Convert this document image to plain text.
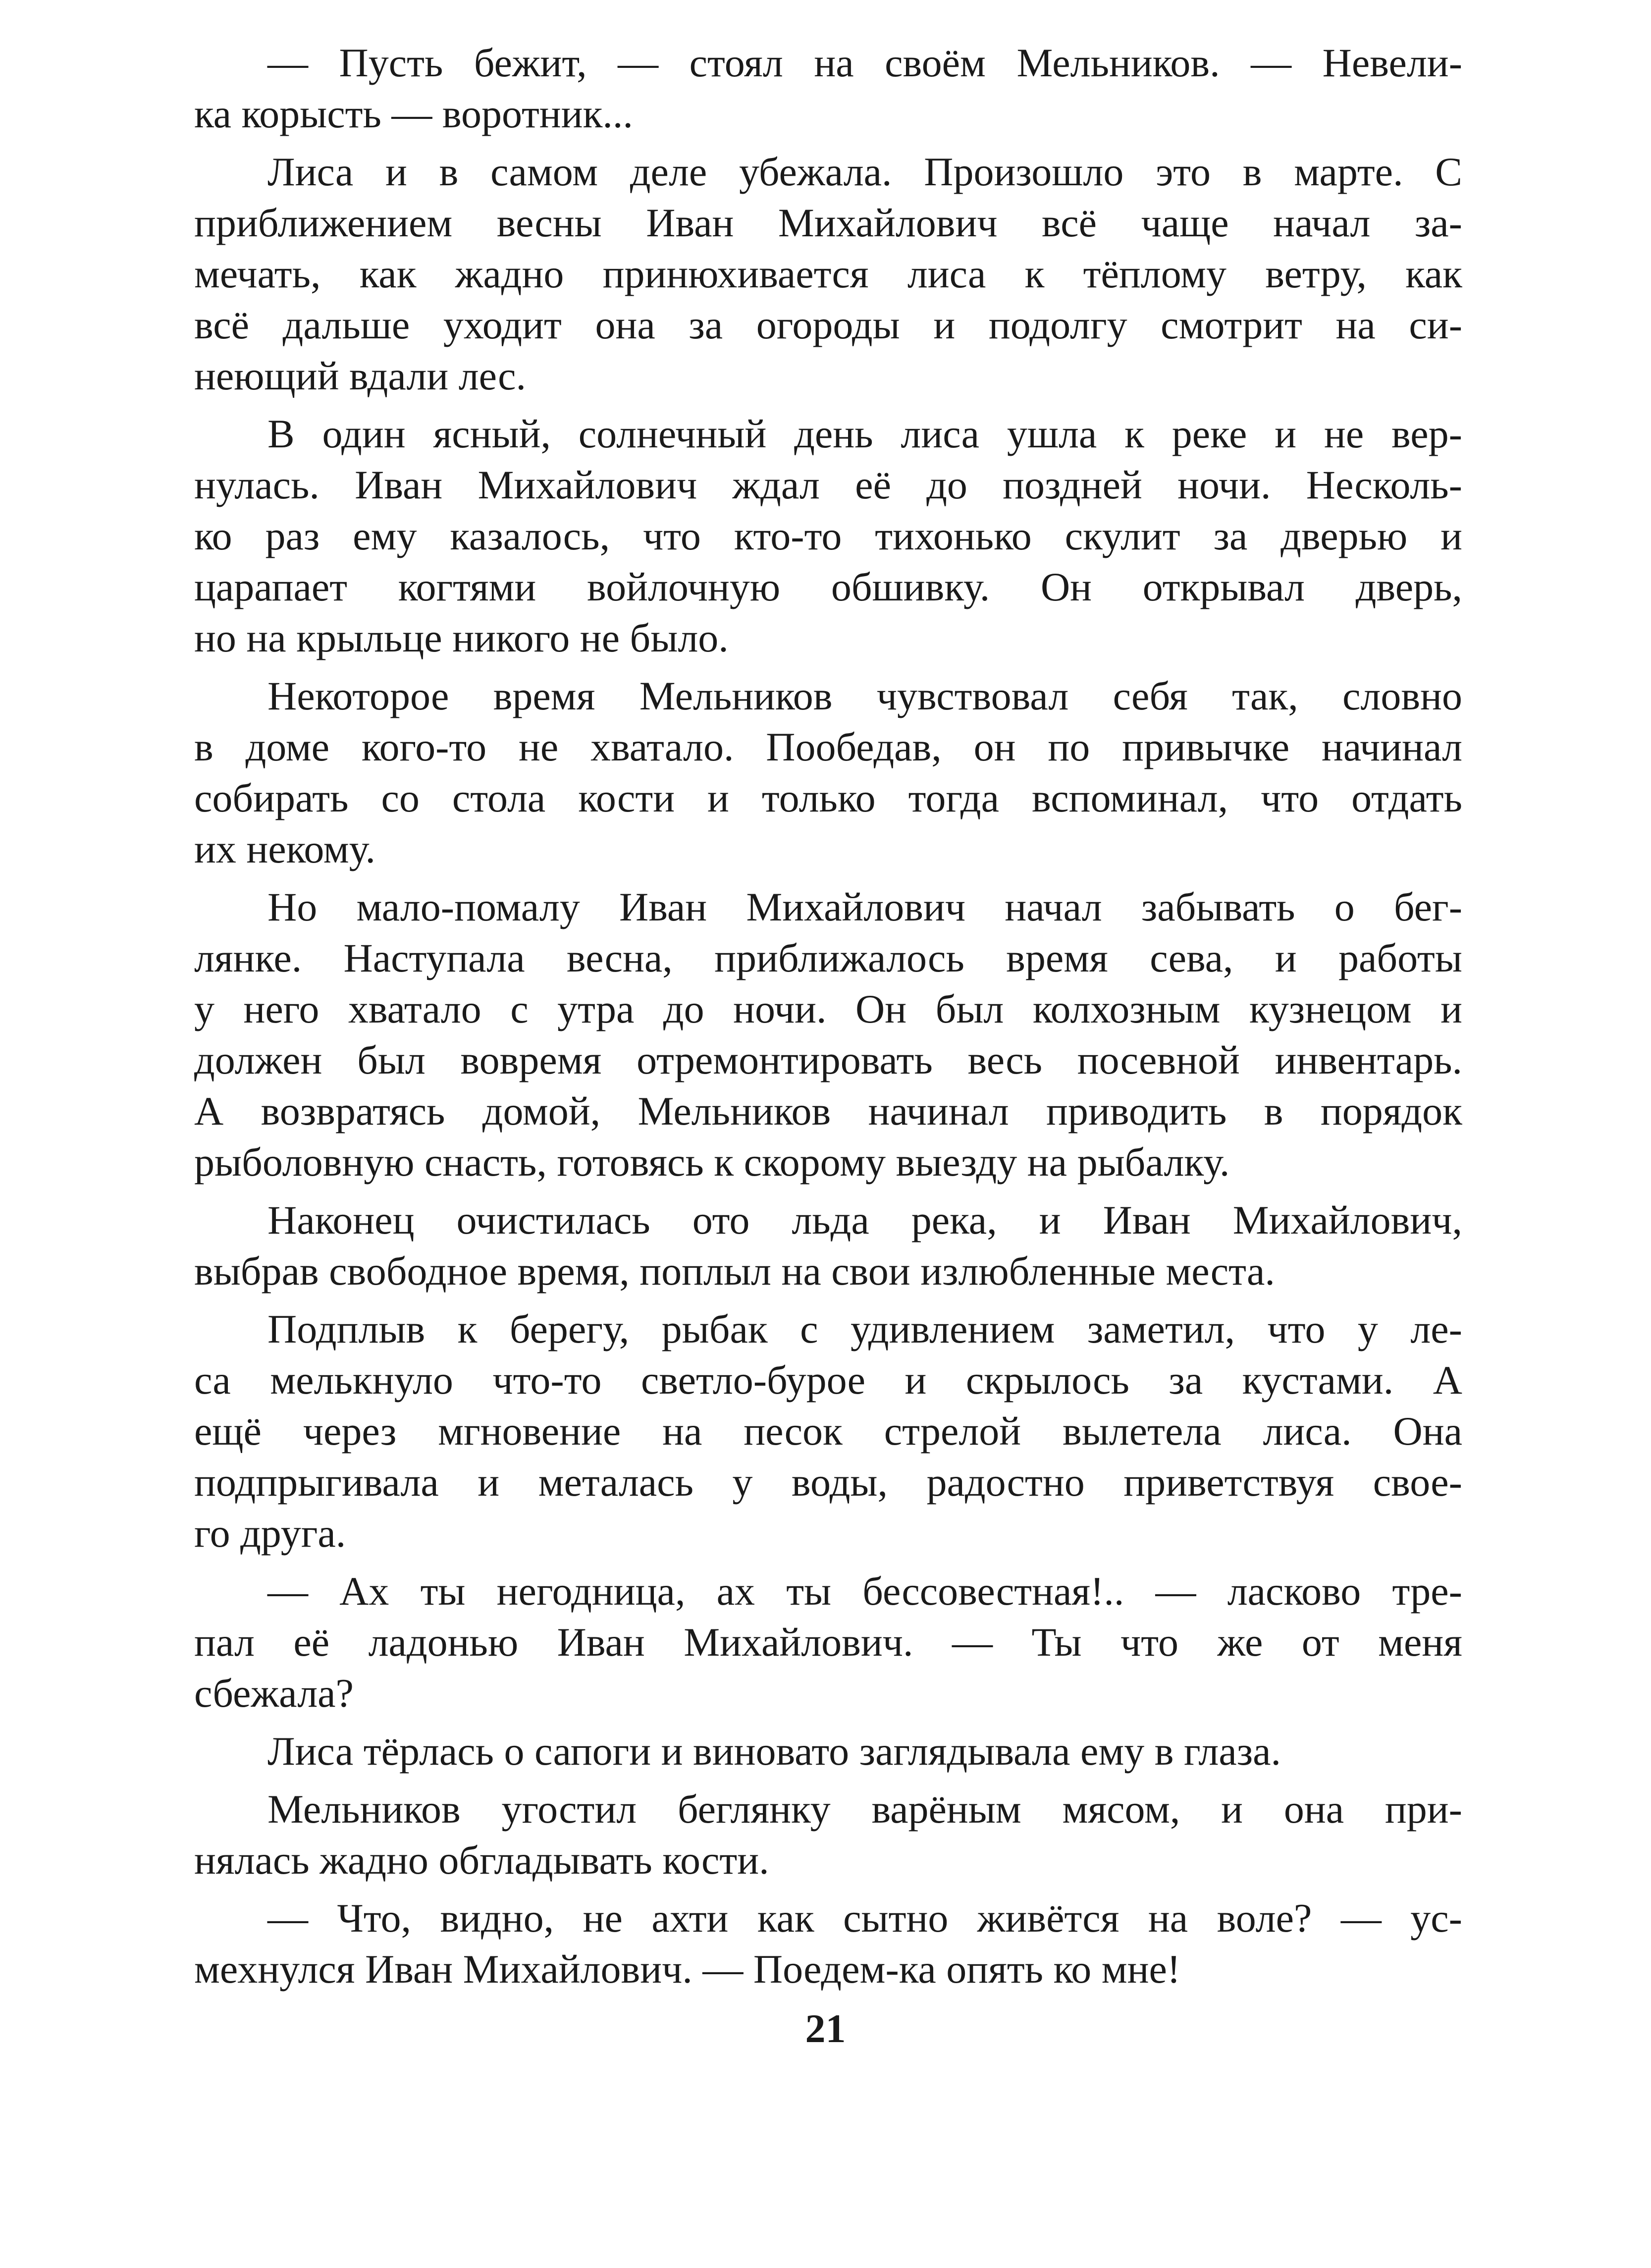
— Пусть бежит, — стоял на своём Мельников. — Невели-
ка корысть — воротник...
Лиса и в самом деле убежала. Произошло это в марте. С
приближением весны Иван Михайлович всё чаще начал за-
мечать, как жадно принюхивается лиса к тёплому ветру, как
всё дальше уходит она за огороды и подолгу смотрит на си-
неющий вдали лес.
В один ясный, солнечный день лиса ушла к реке и не вер-
нулась. Иван Михайлович ждал её до поздней ночи. Несколь-
ко раз ему казалось, что кто-то тихонько скулит за дверью и
царапает когтями войлочную обшивку. Он открывал дверь,
но на крыльце никого не было.
Некоторое время Мельников чувствовал себя так, словно
в доме кого-то не хватало. Пообедав, он по привычке начинал
собирать со стола кости и только тогда вспоминал, что отдать
их некому.
Но мало-помалу Иван Михайлович начал забывать о бег-
лянке. Наступала весна, приближалось время сева, и работы
у него хватало с утра до ночи. Он был колхозным кузнецом и
должен был вовремя отремонтировать весь посевной инвентарь.
А возвратясь домой, Мельников начинал приводить в порядок
рыболовную снасть, готовясь к скорому выезду на рыбалку.
Наконец очистилась ото льда река, и Иван Михайлович,
выбрав свободное время, поплыл на свои излюбленные места.
Подплыв к берегу, рыбак с удивлением заметил, что у ле-
са мелькнуло что-то светло-бурое и скрылось за кустами. А
ещё через мгновение на песок стрелой вылетела лиса. Она
подпрыгивала и металась у воды, радостно приветствуя свое-
го друга.
— Ах ты негодница, ах ты бессовестная!.. — ласково тре-
пал её ладонью Иван Михайлович. — Ты что же от меня
сбежала?
Лиса тёрлась о сапоги и виновато заглядывала ему в глаза.
Мельников угостил беглянку варёным мясом, и она при-
нялась жадно обгладывать кости.
— Что, видно, не ахти как сытно живётся на воле? — ус-
мехнулся Иван Михайлович. — Поедем-ка опять ко мне!
21
